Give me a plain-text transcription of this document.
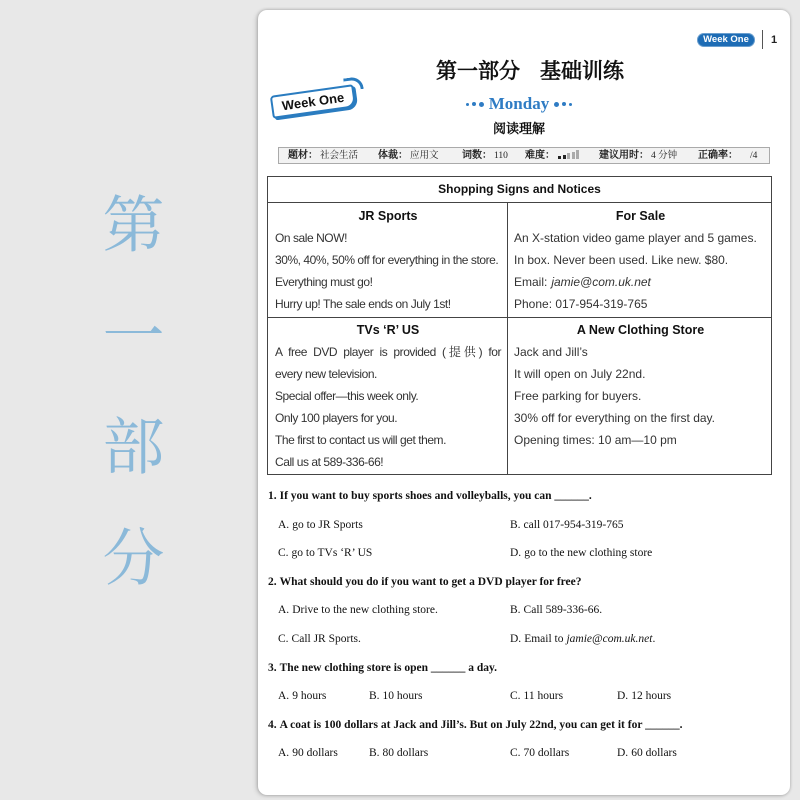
第一部分
Week One	1
第一部分 基础训练
Week One	Monday
阅读理解
题材： 社会生活 体裁： 应用文 词数： 110 难度：	建议用时： 4 分钟 正确率： /4
Shopping Signs and Notices
JR Sports
On sale NOW!
30%, 40%, 50% off for everything in the store.
Everything must go!
Hurry up! The sale ends on July 1st!
For Sale
An X-station video game player and 5 games.
In box. Never been used. Like new. $80.
Email: jamie@com.uk.net
Phone: 017-954-319-765
TVs ‘R’ US
A free DVD player is provided (提供) for
every new television.
Special offer—this week only.
Only 100 players for you.
The first to contact us will get them.
Call us at 589-336-66!
A New Clothing Store
Jack and Jill’s
It will open on July 22nd.
Free parking for buyers.
30% off for everything on the first day.
Opening times: 10 am—10 pm
1. If you want to buy sports shoes and volleyballs, you can ______.
A. go to JR Sports	B. call 017-954-319-765
C. go to TVs ‘R’ US	D. go to the new clothing store
2. What should you do if you want to get a DVD player for free?
A. Drive to the new clothing store.	B. Call 589-336-66.
C. Call JR Sports.	D. Email to jamie@com.uk.net.
3. The new clothing store is open ______ a day.
A. 9 hours	B. 10 hours	C. 11 hours	D. 12 hours
4. A coat is 100 dollars at Jack and Jill’s. But on July 22nd, you can get it for ______.
A. 90 dollars	B. 80 dollars	C. 70 dollars	D. 60 dollars
